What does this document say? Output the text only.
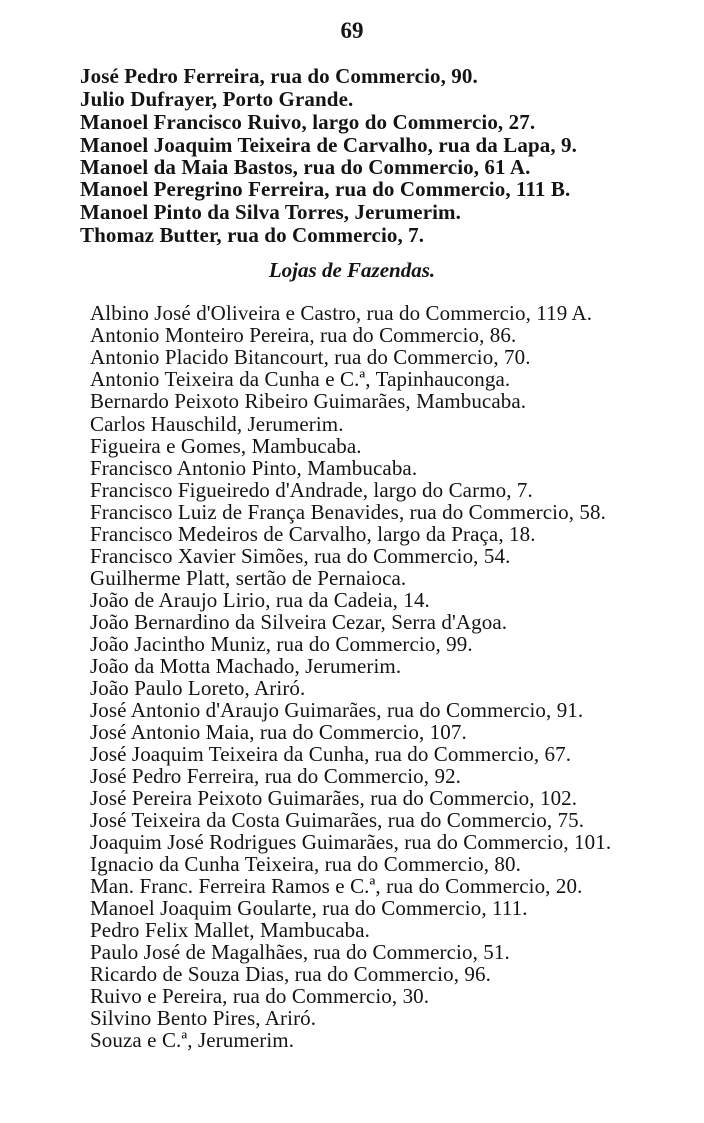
69
José Pedro Ferreira, rua do Commercio, 90.
Julio Dufrayer, Porto Grande.
Manoel Francisco Ruivo, largo do Commercio, 27.
Manoel Joaquim Teixeira de Carvalho, rua da Lapa, 9.
Manoel da Maia Bastos, rua do Commercio, 61 A.
Manoel Peregrino Ferreira, rua do Commercio, 111 B.
Manoel Pinto da Silva Torres, Jerumerim.
Thomaz Butter, rua do Commercio, 7.
Lojas de Fazendas.
Albino José d'Oliveira e Castro, rua do Commercio, 119 A.
Antonio Monteiro Pereira, rua do Commercio, 86.
Antonio Placido Bitancourt, rua do Commercio, 70.
Antonio Teixeira da Cunha e C.ª, Tapinhauconga.
Bernardo Peixoto Ribeiro Guimarães, Mambucaba.
Carlos Hauschild, Jerumerim.
Figueira e Gomes, Mambucaba.
Francisco Antonio Pinto, Mambucaba.
Francisco Figueiredo d'Andrade, largo do Carmo, 7.
Francisco Luiz de França Benavides, rua do Commercio, 58.
Francisco Medeiros de Carvalho, largo da Praça, 18.
Francisco Xavier Simões, rua do Commercio, 54.
Guilherme Platt, sertão de Pernaioca.
João de Araujo Lirio, rua da Cadeia, 14.
João Bernardino da Silveira Cezar, Serra d'Agoa.
João Jacintho Muniz, rua do Commercio, 99.
João da Motta Machado, Jerumerim.
João Paulo Loreto, Ariró.
José Antonio d'Araujo Guimarães, rua do Commercio, 91.
José Antonio Maia, rua do Commercio, 107.
José Joaquim Teixeira da Cunha, rua do Commercio, 67.
José Pedro Ferreira, rua do Commercio, 92.
José Pereira Peixoto Guimarães, rua do Commercio, 102.
José Teixeira da Costa Guimarães, rua do Commercio, 75.
Joaquim José Rodrigues Guimarães, rua do Commercio, 101.
Ignacio da Cunha Teixeira, rua do Commercio, 80.
Man. Franc. Ferreira Ramos e C.ª, rua do Commercio, 20.
Manoel Joaquim Goularte, rua do Commercio, 111.
Pedro Felix Mallet, Mambucaba.
Paulo José de Magalhães, rua do Commercio, 51.
Ricardo de Souza Dias, rua do Commercio, 96.
Ruivo e Pereira, rua do Commercio, 30.
Silvino Bento Pires, Ariró.
Souza e C.ª, Jerumerim.
